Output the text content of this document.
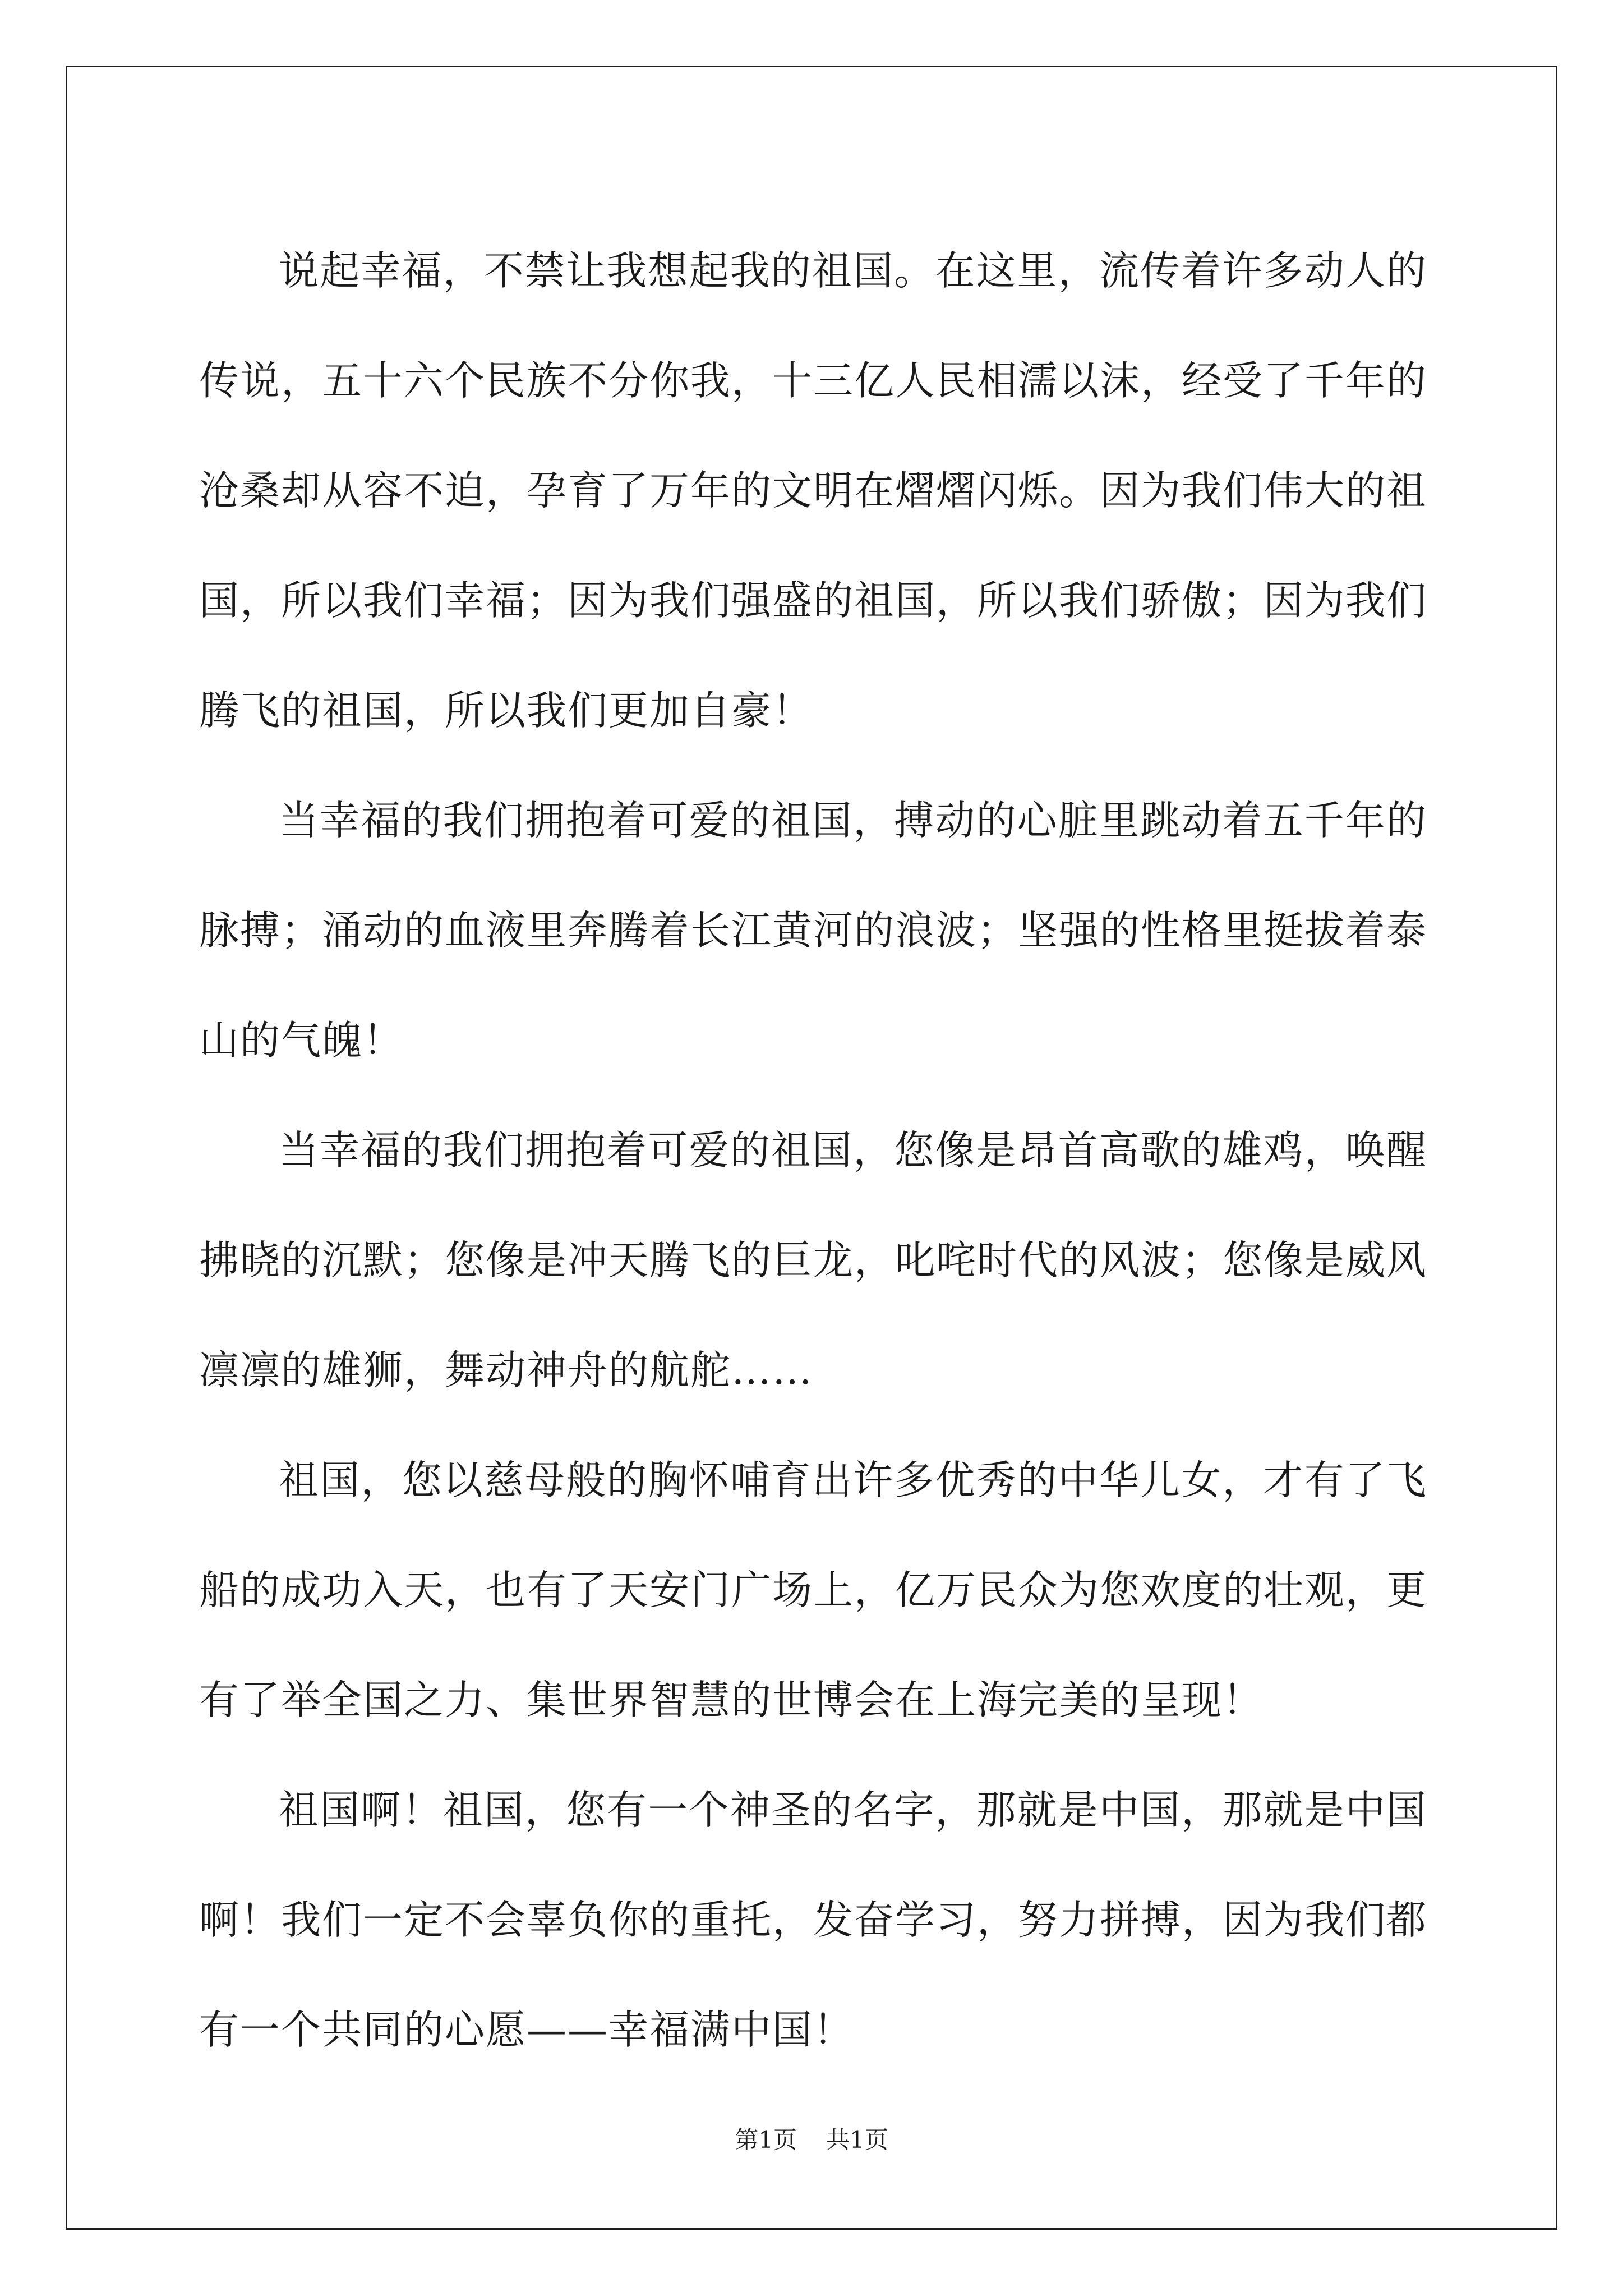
说起幸福，不禁让我想起我的祖国。在这里，流传着许多动人的传说，五十六个民族不分你我，十三亿人民相濡以沫，经受了千年的沧桑却从容不迫，孕育了万年的文明在熠熠闪烁。因为我们伟大的祖国，所以我们幸福；因为我们强盛的祖国，所以我们骄傲；因为我们腾飞的祖国，所以我们更加自豪！

当幸福的我们拥抱着可爱的祖国，搏动的心脏里跳动着五千年的脉搏；涌动的血液里奔腾着长江黄河的浪波；坚强的性格里挺拔着泰山的气魄！

当幸福的我们拥抱着可爱的祖国，您像是昂首高歌的雄鸡，唤醒拂晓的沉默；您像是冲天腾飞的巨龙，叱咤时代的风波；您像是威风凛凛的雄狮，舞动神舟的航舵……

祖国，您以慈母般的胸怀哺育出许多优秀的中华儿女，才有了飞船的成功入天，也有了天安门广场上，亿万民众为您欢度的壮观，更有了举全国之力、集世界智慧的世博会在上海完美的呈现！

祖国啊！祖国，您有一个神圣的名字，那就是中国，那就是中国啊！我们一定不会辜负你的重托，发奋学习，努力拼搏，因为我们都有一个共同的心愿——幸福满中国！

第1页 共1页
